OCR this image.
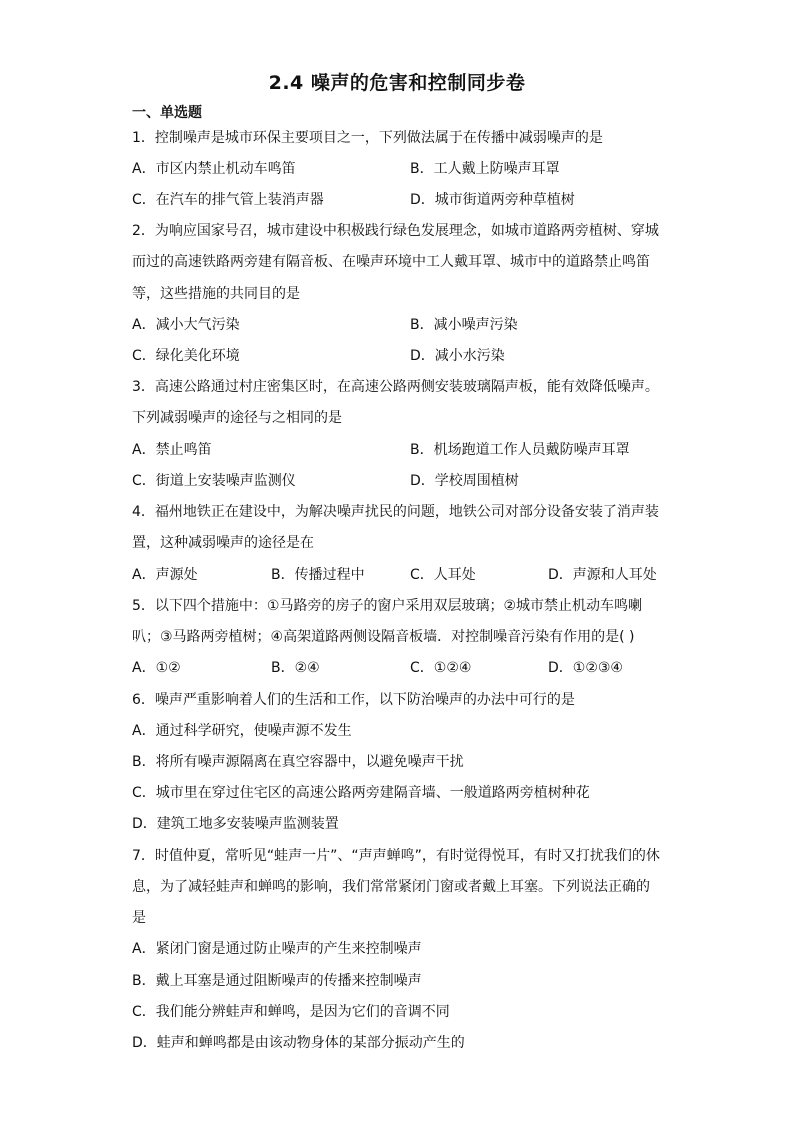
2.4 噪声的危害和控制同步卷
一、单选题
1．控制噪声是城市环保主要项目之一，下列做法属于在传播中减弱噪声的是
A．市区内禁止机动车鸣笛	B．工人戴上防噪声耳罩
C．在汽车的排气管上装消声器	D．城市街道两旁种草植树
2．为响应国家号召，城市建设中积极践行绿色发展理念，如城市道路两旁植树、穿城
而过的高速铁路两旁建有隔音板、在噪声环境中工人戴耳罩、城市中的道路禁止鸣笛
等，这些措施的共同目的是
A．减小大气污染	B．减小噪声污染
C．绿化美化环境	D．减小水污染
3．高速公路通过村庄密集区时，在高速公路两侧安装玻璃隔声板，能有效降低噪声。
下列减弱噪声的途径与之相同的是
A．禁止鸣笛	B．机场跑道工作人员戴防噪声耳罩
C．街道上安装噪声监测仪	D．学校周围植树
4．福州地铁正在建设中，为解决噪声扰民的问题，地铁公司对部分设备安装了消声装
置，这种减弱噪声的途径是在
A．声源处	B．传播过程中	C．人耳处	D．声源和人耳处
5．以下四个措施中：①马路旁的房子的窗户采用双层玻璃；②城市禁止机动车鸣喇
叭；③马路两旁植树；④高架道路两侧设隔音板墙．对控制噪音污染有作用的是( )
A．①②	B．②④	C．①②④	D．①②③④
6．噪声严重影响着人们的生活和工作，以下防治噪声的办法中可行的是
A．通过科学研究，使噪声源不发生
B．将所有噪声源隔离在真空容器中，以避免噪声干扰
C．城市里在穿过住宅区的高速公路两旁建隔音墙、一般道路两旁植树种花
D．建筑工地多安装噪声监测装置
7．时值仲夏，常听见“蛙声一片”、“声声蝉鸣”，有时觉得悦耳，有时又打扰我们的休
息，为了减轻蛙声和蝉鸣的影响，我们常常紧闭门窗或者戴上耳塞。下列说法正确的
是
A．紧闭门窗是通过防止噪声的产生来控制噪声
B．戴上耳塞是通过阻断噪声的传播来控制噪声
C．我们能分辨蛙声和蝉鸣，是因为它们的音调不同
D．蛙声和蝉鸣都是由该动物身体的某部分振动产生的
